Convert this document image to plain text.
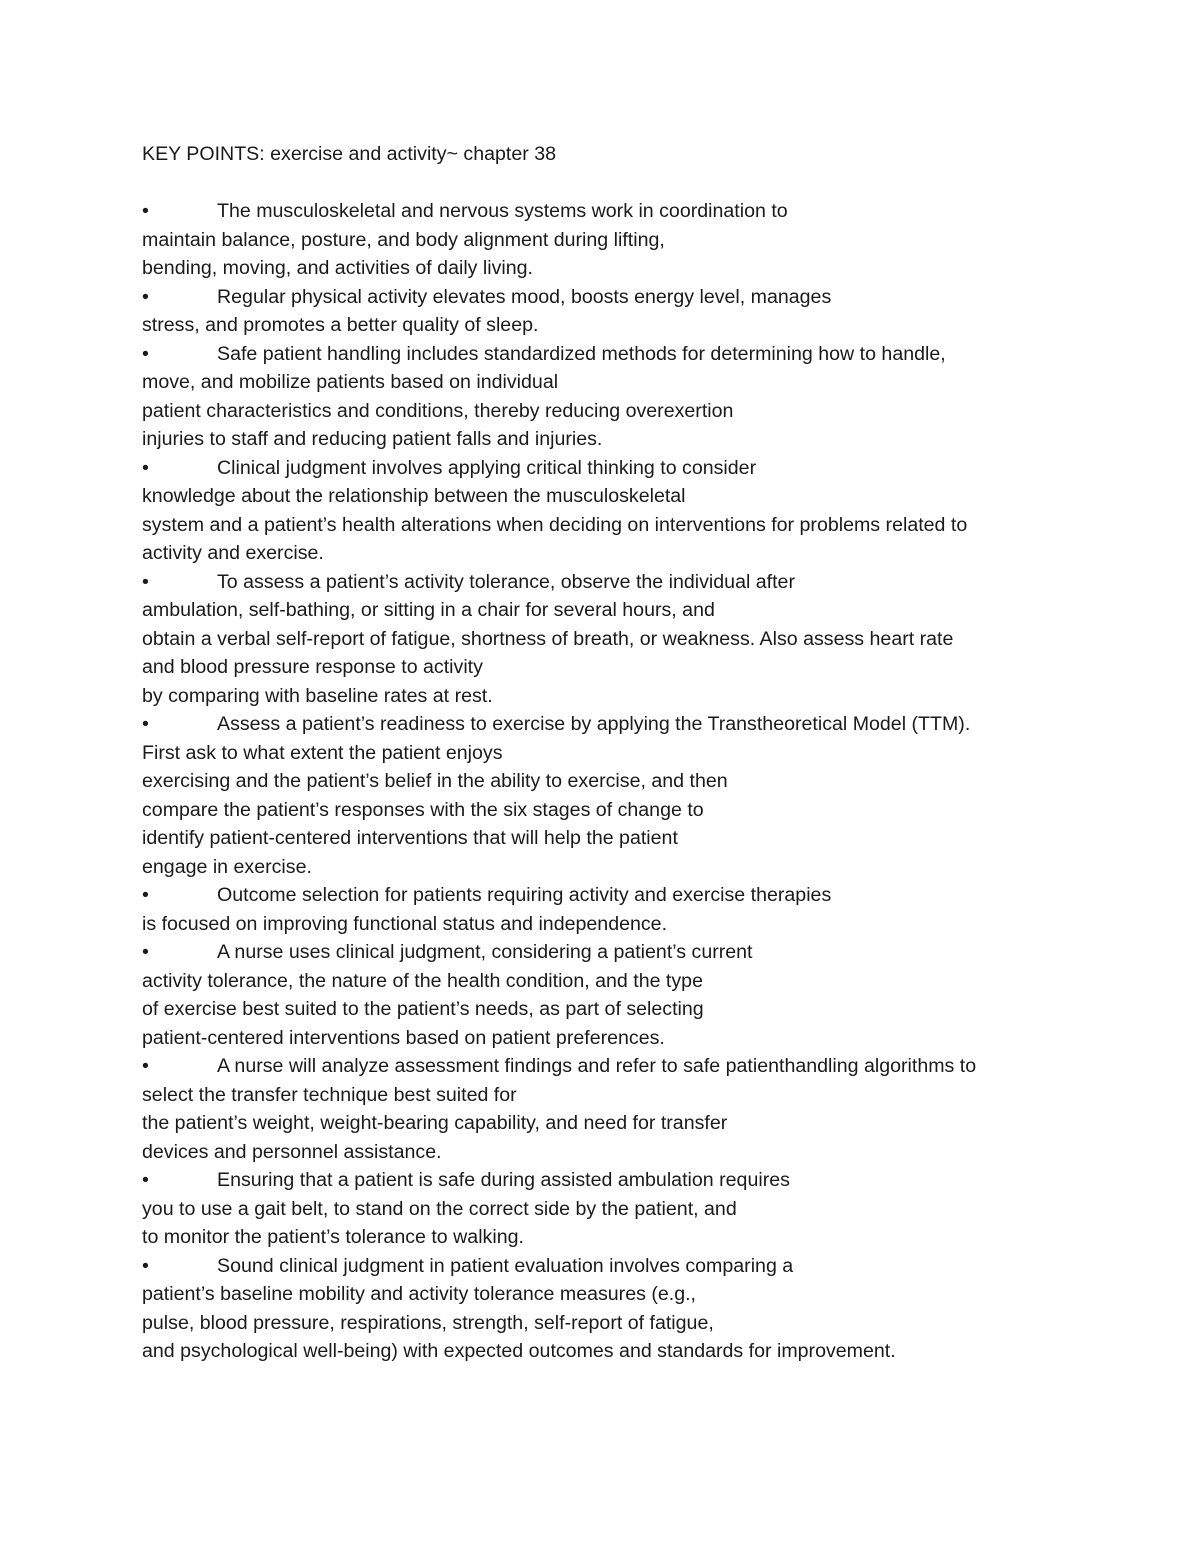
KEY POINTS: exercise and activity~ chapter 38
•	The musculoskeletal and nervous systems work in coordination to
maintain balance, posture, and body alignment during lifting,
bending, moving, and activities of daily living.
•	Regular physical activity elevates mood, boosts energy level, manages
stress, and promotes a better quality of sleep.
•	Safe patient handling includes standardized methods for determining how to handle,
move, and mobilize patients based on individual
patient characteristics and conditions, thereby reducing overexertion
injuries to staff and reducing patient falls and injuries.
•	Clinical judgment involves applying critical thinking to consider
knowledge about the relationship between the musculoskeletal
system and a patient’s health alterations when deciding on interventions for problems related to
activity and exercise.
•	To assess a patient’s activity tolerance, observe the individual after
ambulation, self-bathing, or sitting in a chair for several hours, and
obtain a verbal self-report of fatigue, shortness of breath, or weakness. Also assess heart rate
and blood pressure response to activity
by comparing with baseline rates at rest.
•	Assess a patient’s readiness to exercise by applying the Transtheoretical Model (TTM).
First ask to what extent the patient enjoys
exercising and the patient’s belief in the ability to exercise, and then
compare the patient’s responses with the six stages of change to
identify patient-centered interventions that will help the patient
engage in exercise.
•	Outcome selection for patients requiring activity and exercise therapies
is focused on improving functional status and independence.
•	A nurse uses clinical judgment, considering a patient’s current
activity tolerance, the nature of the health condition, and the type
of exercise best suited to the patient’s needs, as part of selecting
patient-centered interventions based on patient preferences.
•	A nurse will analyze assessment findings and refer to safe patienthandling algorithms to
select the transfer technique best suited for
the patient’s weight, weight-bearing capability, and need for transfer
devices and personnel assistance.
•	Ensuring that a patient is safe during assisted ambulation requires
you to use a gait belt, to stand on the correct side by the patient, and
to monitor the patient’s tolerance to walking.
•	Sound clinical judgment in patient evaluation involves comparing a
patient’s baseline mobility and activity tolerance measures (e.g.,
pulse, blood pressure, respirations, strength, self-report of fatigue,
and psychological well-being) with expected outcomes and standards for improvement.
